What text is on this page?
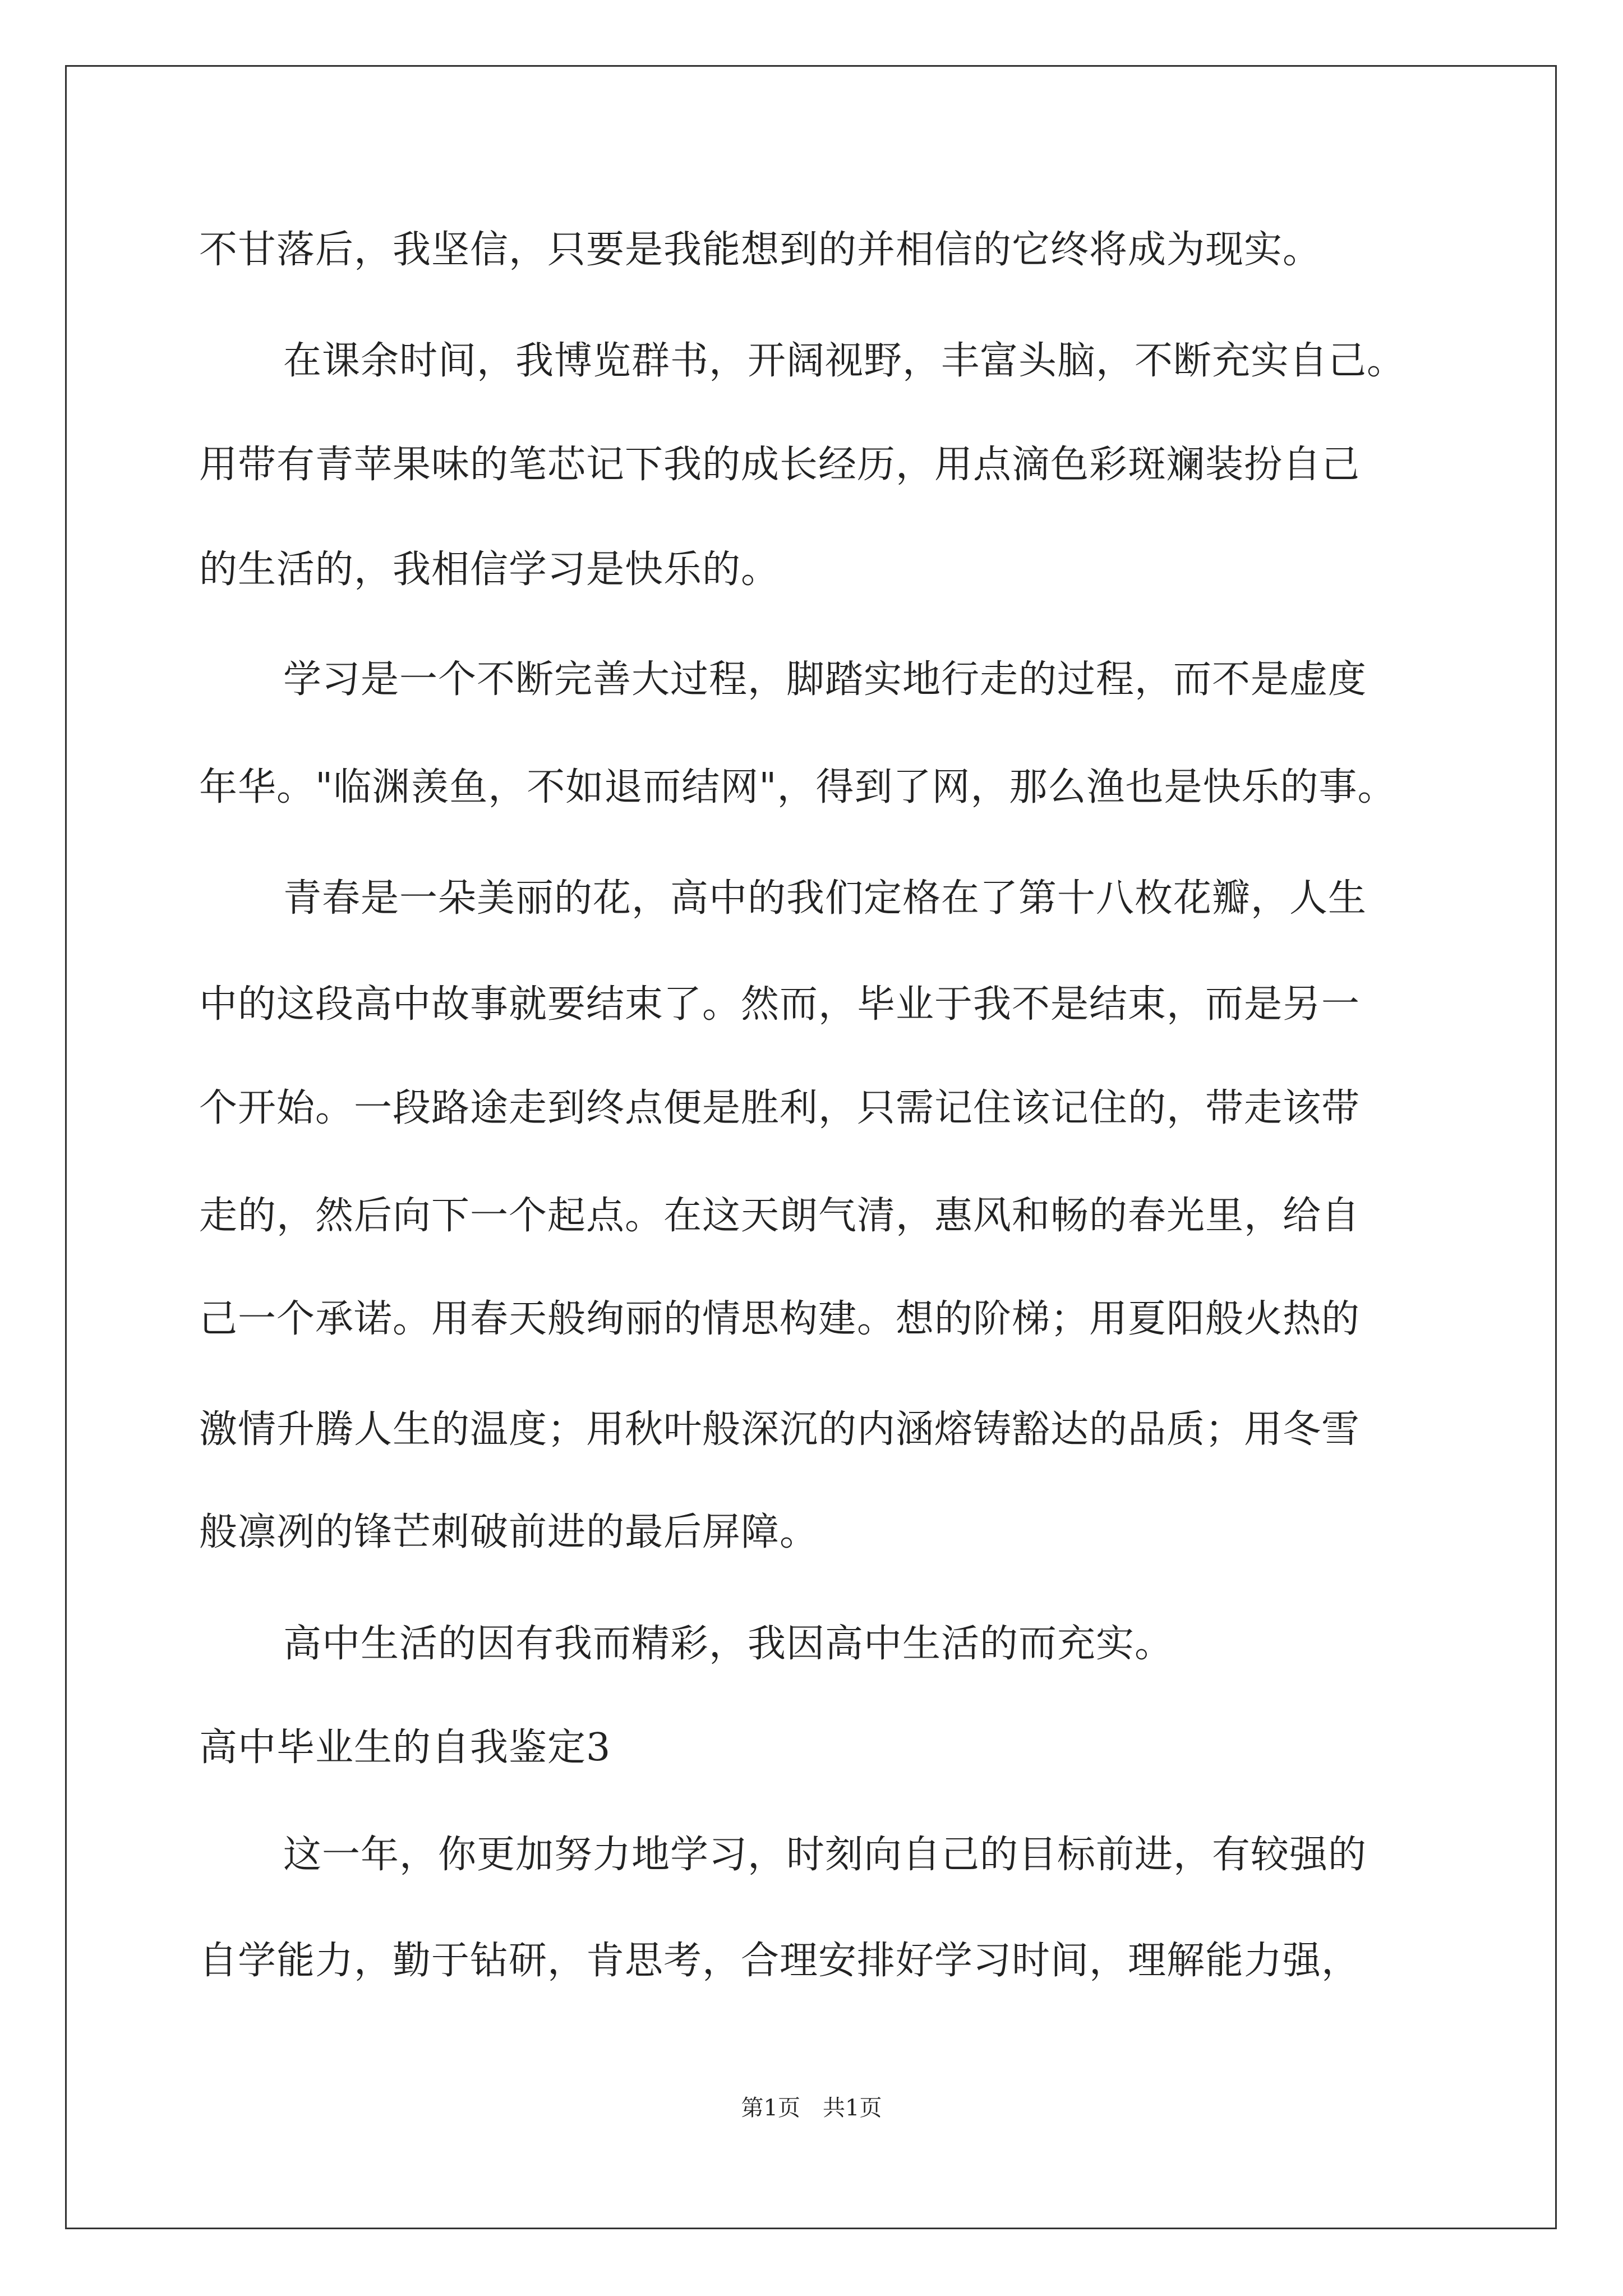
不甘落后，我坚信，只要是我能想到的并相信的它终将成为现实。
在课余时间，我博览群书，开阔视野，丰富头脑，不断充实自己。
用带有青苹果味的笔芯记下我的成长经历，用点滴色彩斑斓装扮自己
的生活的，我相信学习是快乐的。
学习是一个不断完善大过程，脚踏实地行走的过程，而不是虚度
年华。"临渊羡鱼，不如退而结网"，得到了网，那么渔也是快乐的事。
青春是一朵美丽的花，高中的我们定格在了第十八枚花瓣，人生
中的这段高中故事就要结束了。然而，毕业于我不是结束，而是另一
个开始。一段路途走到终点便是胜利，只需记住该记住的，带走该带
走的，然后向下一个起点。在这天朗气清，惠风和畅的春光里，给自
己一个承诺。用春天般绚丽的情思构建。想的阶梯；用夏阳般火热的
激情升腾人生的温度；用秋叶般深沉的内涵熔铸豁达的品质；用冬雪
般凛冽的锋芒刺破前进的最后屏障。
高中生活的因有我而精彩，我因高中生活的而充实。
高中毕业生的自我鉴定3
这一年，你更加努力地学习，时刻向自己的目标前进，有较强的
自学能力，勤于钻研，肯思考，合理安排好学习时间，理解能力强，
第1页　共1页
